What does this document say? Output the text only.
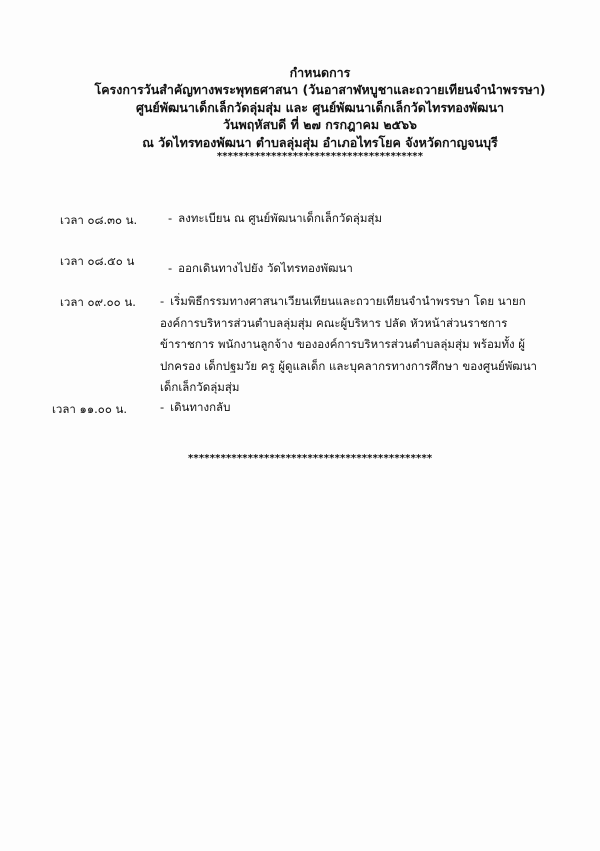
กำหนดการ
โครงการวันสำคัญทางพระพุทธศาสนา (วันอาสาฬหบูชาและถวายเทียนจำนำพรรษา)
ศูนย์พัฒนาเด็กเล็กวัดลุ่มสุ่ม และ ศูนย์พัฒนาเด็กเล็กวัดไทรทองพัฒนา
วันพฤหัสบดี ที่ ๒๗ กรกฎาคม ๒๕๖๖
ณ วัดไทรทองพัฒนา ตำบลลุ่มสุ่ม อำเภอไทรโยค จังหวัดกาญจนบุรี
**************************************
เวลา ๐๘.๓๐ น.	- ลงทะเบียน ณ ศูนย์พัฒนาเด็กเล็กวัดลุ่มสุ่ม
เวลา ๐๘.๕๐ น	- ออกเดินทางไปยัง วัดไทรทองพัฒนา
เวลา ๐๙.๐๐ น. - เริ่มพิธีกรรมทางศาสนาเวียนเทียนและถวายเทียนจำนำพรรษา โดย นายกองค์การบริหารส่วนตำบลลุ่มสุ่ม คณะผู้บริหาร ปลัด หัวหน้าส่วนราชการข้าราชการ พนักงานลูกจ้าง ขององค์การบริหารส่วนตำบลลุ่มสุ่ม พร้อมทั้ง ผู้ปกครอง เด็กปฐมวัย ครู ผู้ดูแลเด็ก และบุคลากรทางการศึกษา ของศูนย์พัฒนาเด็กเล็กวัดลุ่มสุ่ม
เวลา ๑๑.๐๐ น.	- เดินทางกลับ
*********************************************
